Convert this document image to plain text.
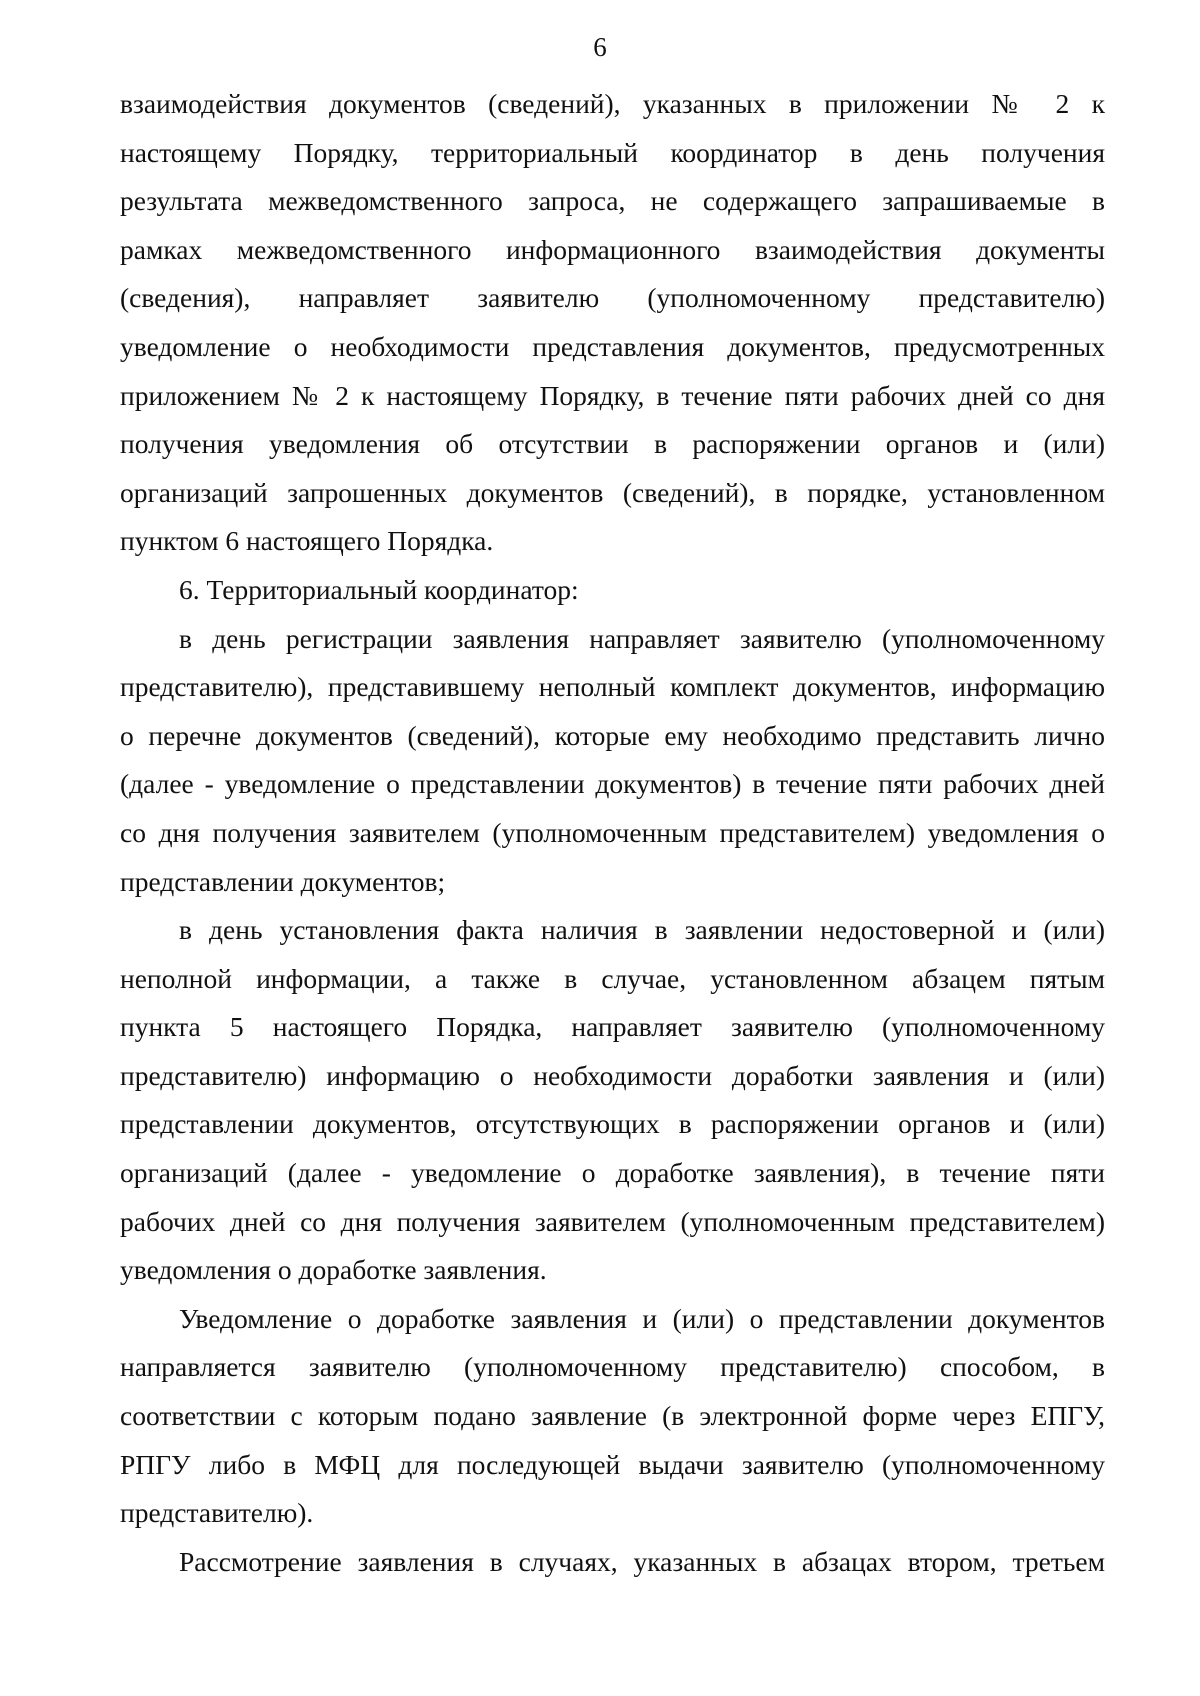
6

взаимодействия документов (сведений), указанных в приложении № 2 к
настоящему Порядку, территориальный координатор в день получения
результата межведомственного запроса, не содержащего запрашиваемые в
рамках межведомственного информационного взаимодействия документы
(сведения), направляет заявителю (уполномоченному представителю)
уведомление о необходимости представления документов, предусмотренных
приложением № 2 к настоящему Порядку, в течение пяти рабочих дней со дня
получения уведомления об отсутствии в распоряжении органов и (или)
организаций запрошенных документов (сведений), в порядке, установленном
пунктом 6 настоящего Порядка.

6. Территориальный координатор:

в день регистрации заявления направляет заявителю (уполномоченному
представителю), представившему неполный комплект документов, информацию
о перечне документов (сведений), которые ему необходимо представить лично
(далее - уведомление о представлении документов) в течение пяти рабочих дней
со дня получения заявителем (уполномоченным представителем) уведомления о
представлении документов;

в день установления факта наличия в заявлении недостоверной и (или)
неполной информации, а также в случае, установленном абзацем пятым
пункта 5 настоящего Порядка, направляет заявителю (уполномоченному
представителю) информацию о необходимости доработки заявления и (или)
представлении документов, отсутствующих в распоряжении органов и (или)
организаций (далее - уведомление о доработке заявления), в течение пяти
рабочих дней со дня получения заявителем (уполномоченным представителем)
уведомления о доработке заявления.

Уведомление о доработке заявления и (или) о представлении документов
направляется заявителю (уполномоченному представителю) способом, в
соответствии с которым подано заявление (в электронной форме через ЕПГУ,
РПГУ либо в МФЦ для последующей выдачи заявителю (уполномоченному
представителю).

Рассмотрение заявления в случаях, указанных в абзацах втором, третьем
